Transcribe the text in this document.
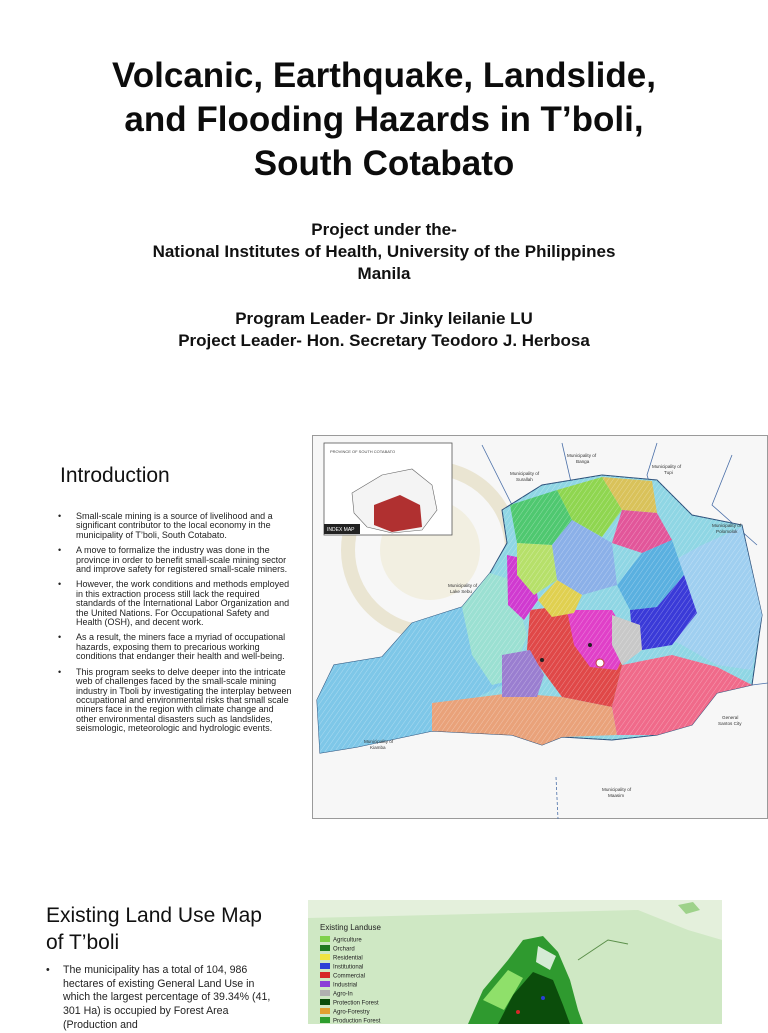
Volcanic, Earthquake, Landslide,
and Flooding Hazards in T’boli,
South Cotabato

Project under the-
National Institutes of Health, University of the Philippines
Manila

Program Leader- Dr Jinky leilanie LU
Project Leader- Hon. Secretary Teodoro J. Herbosa

Introduction
• Small-scale mining is a source of livelihood and a significant contributor to the local economy in the municipality of T’boli, South Cotabato.
• A move to formalize the industry was done in the province in order to benefit small-scale mining sector and improve safety for registered small-scale miners.
• However, the work conditions and methods employed in this extraction process still lack the required standards of the International Labor Organization and the United Nations. For Occupational Safety and Health (OSH), and decent work.
• As a result, the miners face a myriad of occupational hazards, exposing them to precarious working conditions that endanger their health and well-being.
• This program seeks to delve deeper into the intricate web of challenges faced by the small-scale mining industry in Tboli by investigating the interplay between occupational and environmental risks that small scale miners face in the region with climate change and other environmental disasters such as landslides, seismologic, meteorologic and hydrologic events.
PROVINCE OF SOUTH COTABATO
INDEX MAP
Municipality of
Surallah
Municipality of
Banga
Municipality of
Tupi
Municipality of
Polomolok
Municipality of
Lake Sebu
General
Santos City
Municipality of
Kiamba
Municipality of
Maasim
Existing Land Use Map
of T’boli
• The municipality has a total of 104, 986 hectares of existing General Land Use in which the largest percentage of 39.34% (41, 301 Ha) is occupied by Forest Area (Production and
Existing Landuse
Agriculture
Orchard
Residential
Institutional
Commercial
Industrial
Agro-In
Protection Forest
Agro-Forestry
Production Forest
